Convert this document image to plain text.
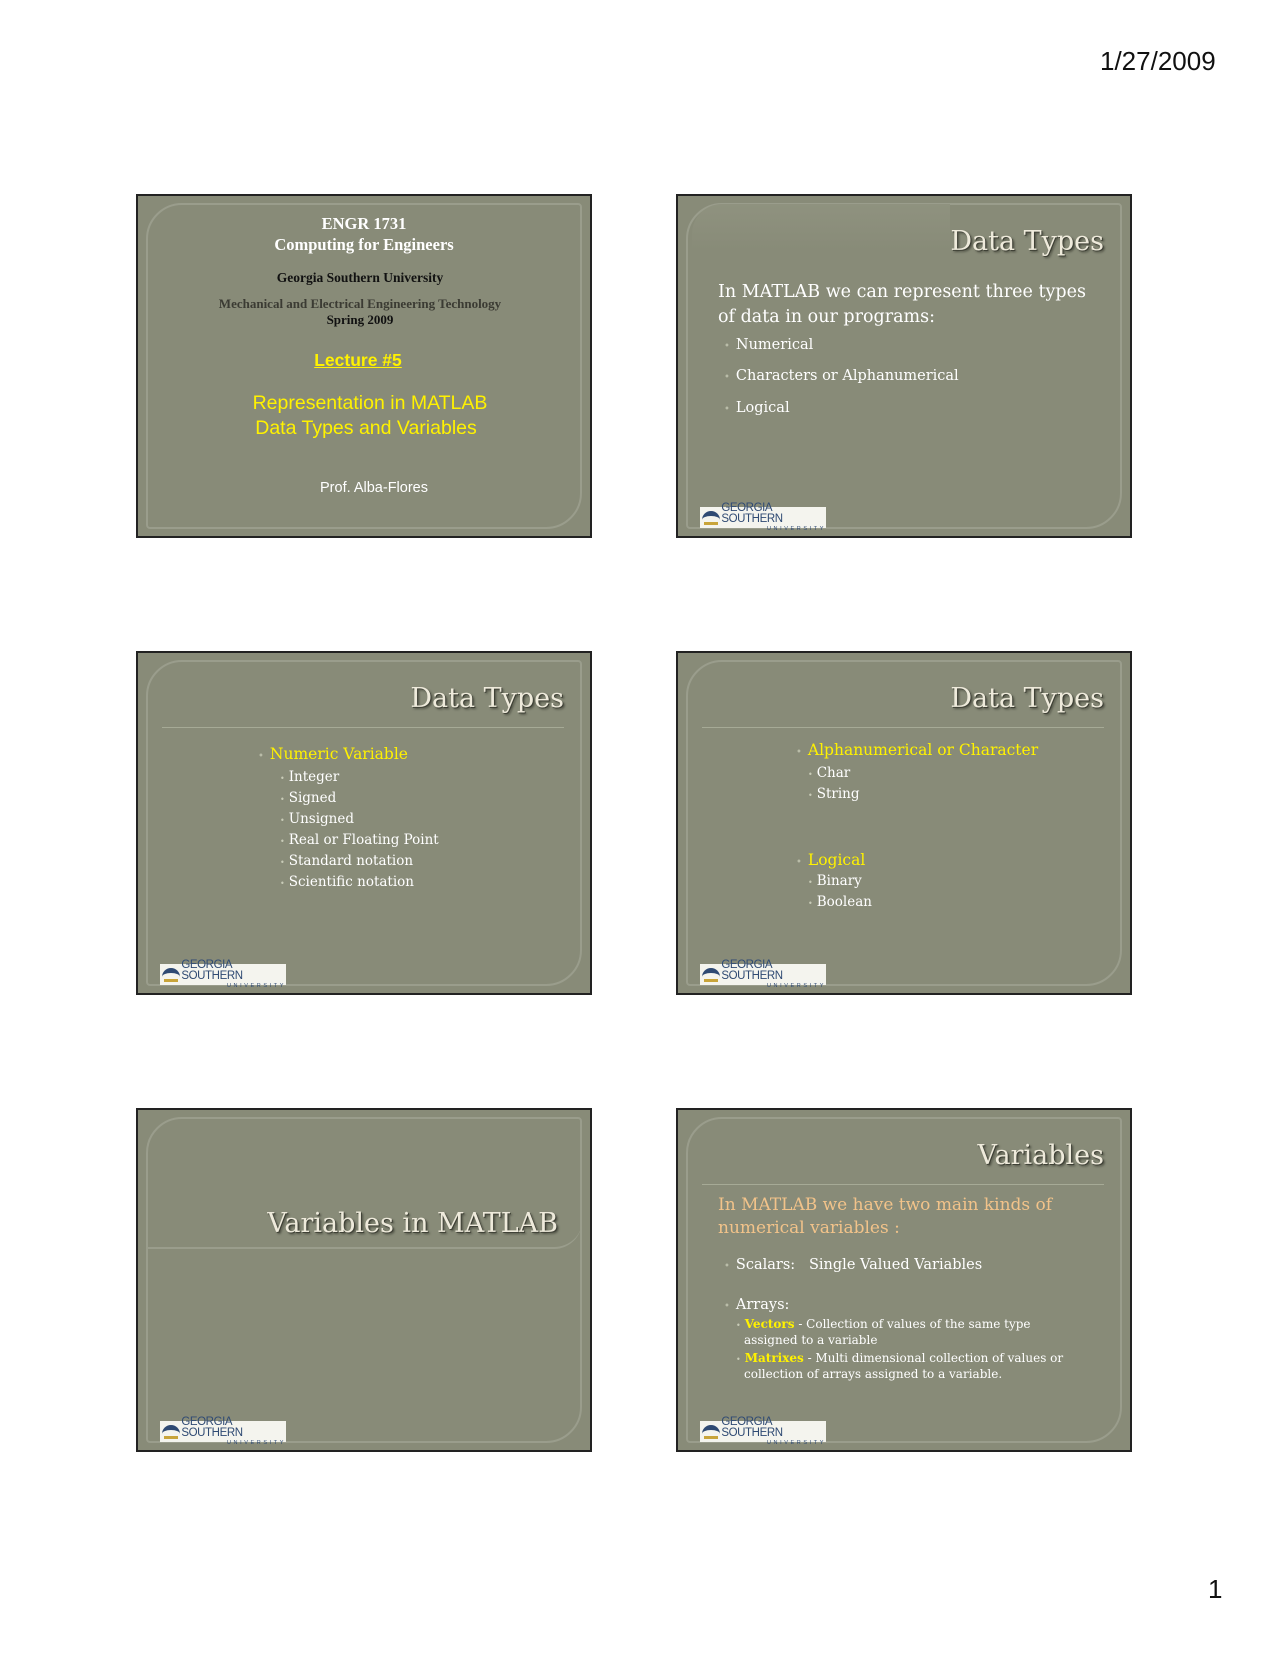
1/27/2009
ENGR 1731
Computing for Engineers
Georgia Southern University
Mechanical and Electrical Engineering Technology
Spring 2009
Lecture #5
Representation in MATLAB
Data Types and Variables
Prof. Alba-Flores
Data Types
In MATLAB we can represent three types of data in our programs:
• Numerical
• Characters or Alphanumerical
• Logical
GEORGIA SOUTHERN
UNIVERSITY
Data Types
• Numeric Variable
• Integer
• Signed
• Unsigned
• Real or Floating Point
• Standard notation
• Scientific notation
GEORGIA SOUTHERN
UNIVERSITY
Data Types
• Alphanumerical or Character
• Char
• String
• Logical
• Binary
• Boolean
GEORGIA SOUTHERN
UNIVERSITY
Variables in MATLAB
GEORGIA SOUTHERN
UNIVERSITY
Variables
In MATLAB we have two main kinds of numerical variables :
• Scalars: Single Valued Variables
• Arrays:
• Vectors - Collection of values of the same type
assigned to a variable
• Matrixes - Multi dimensional collection of values or
collection of arrays assigned to a variable.
GEORGIA SOUTHERN
UNIVERSITY
1
